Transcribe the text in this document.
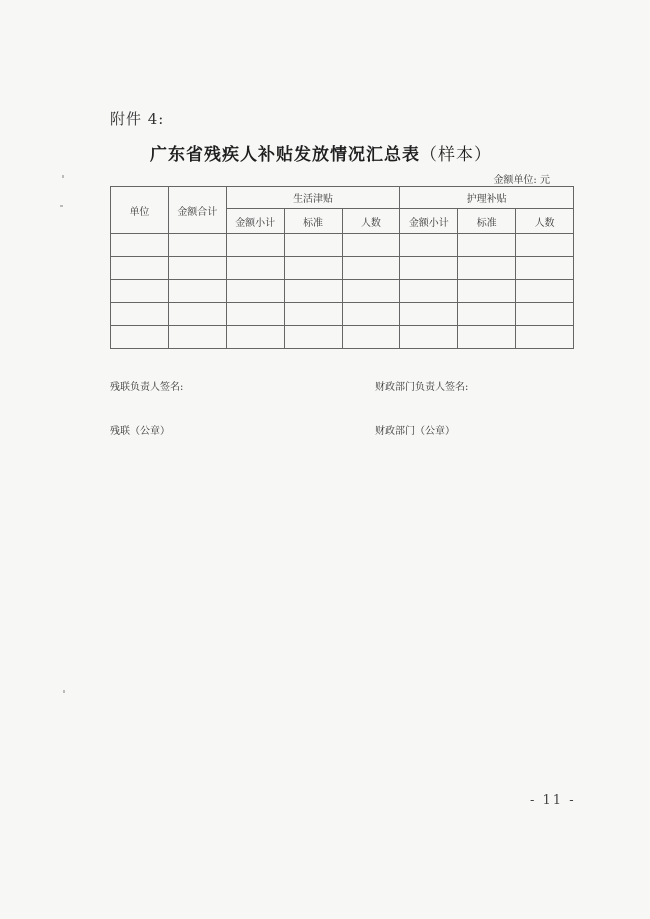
附件 4:
广东省残疾人补贴发放情况汇总表（样本）
金额单位: 元
单位	金额合计	生活津贴			护理补贴		
		金额小计	标准	人数	金额小计	标准	人数

残联负责人签名:	财政部门负责人签名:
残联（公章）	财政部门（公章）
- 11 -
